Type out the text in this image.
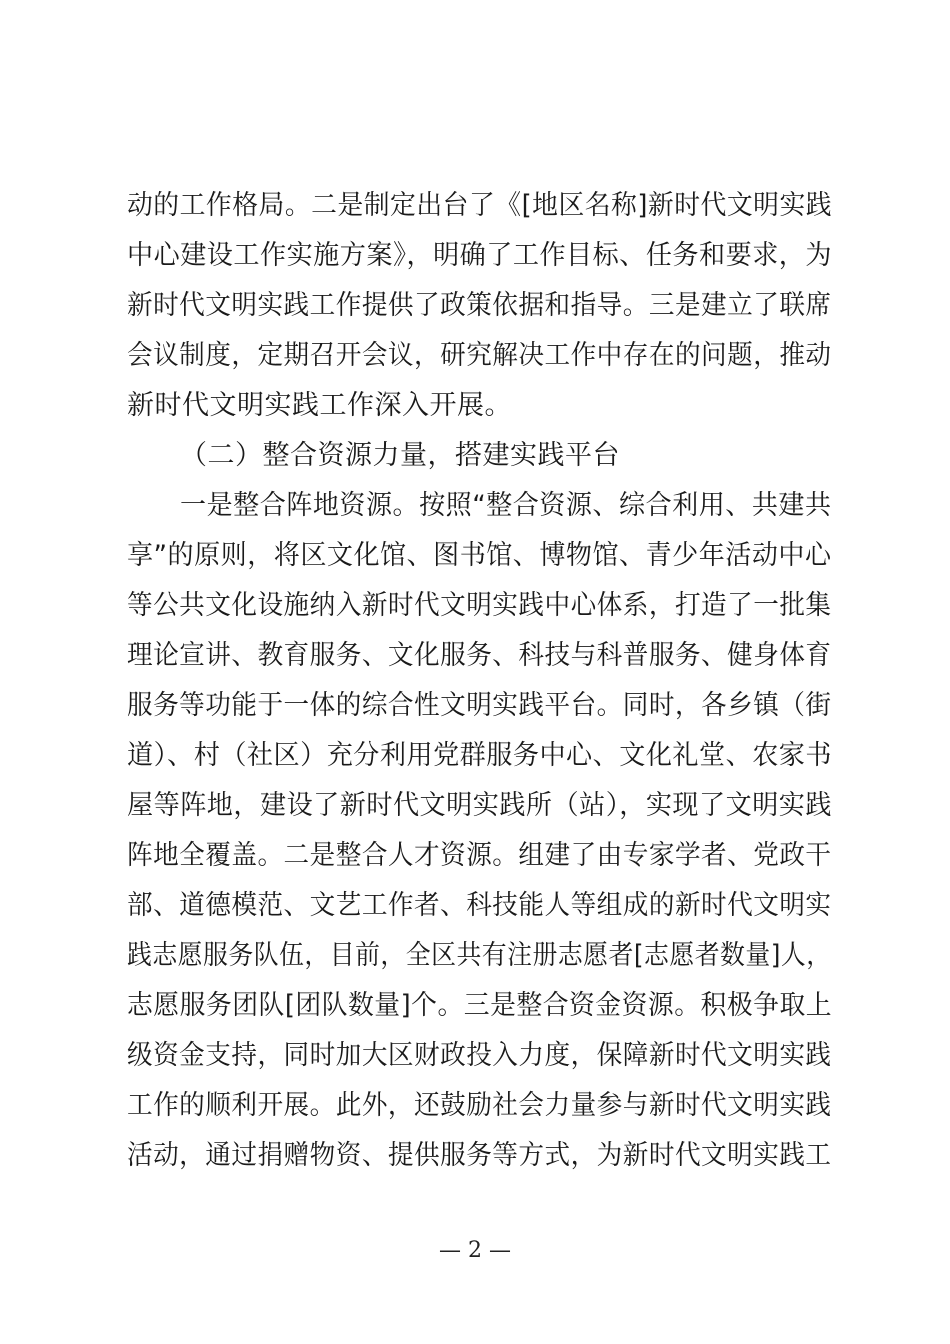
动的工作格局。二是制定出台了《[地区名称]新时代文明实践
中心建设工作实施方案》，明确了工作目标、任务和要求，为
新时代文明实践工作提供了政策依据和指导。三是建立了联席
会议制度，定期召开会议，研究解决工作中存在的问题，推动
新时代文明实践工作深入开展。
（二）整合资源力量，搭建实践平台
一是整合阵地资源。按照“整合资源、综合利用、共建共
享”的原则，将区文化馆、图书馆、博物馆、青少年活动中心
等公共文化设施纳入新时代文明实践中心体系，打造了一批集
理论宣讲、教育服务、文化服务、科技与科普服务、健身体育
服务等功能于一体的综合性文明实践平台。同时，各乡镇（街
道）、村（社区）充分利用党群服务中心、文化礼堂、农家书
屋等阵地，建设了新时代文明实践所（站），实现了文明实践
阵地全覆盖。二是整合人才资源。组建了由专家学者、党政干
部、道德模范、文艺工作者、科技能人等组成的新时代文明实
践志愿服务队伍，目前，全区共有注册志愿者[志愿者数量]人，
志愿服务团队[团队数量]个。三是整合资金资源。积极争取上
级资金支持，同时加大区财政投入力度，保障新时代文明实践
工作的顺利开展。此外，还鼓励社会力量参与新时代文明实践
活动，通过捐赠物资、提供服务等方式，为新时代文明实践工
— 2 —
